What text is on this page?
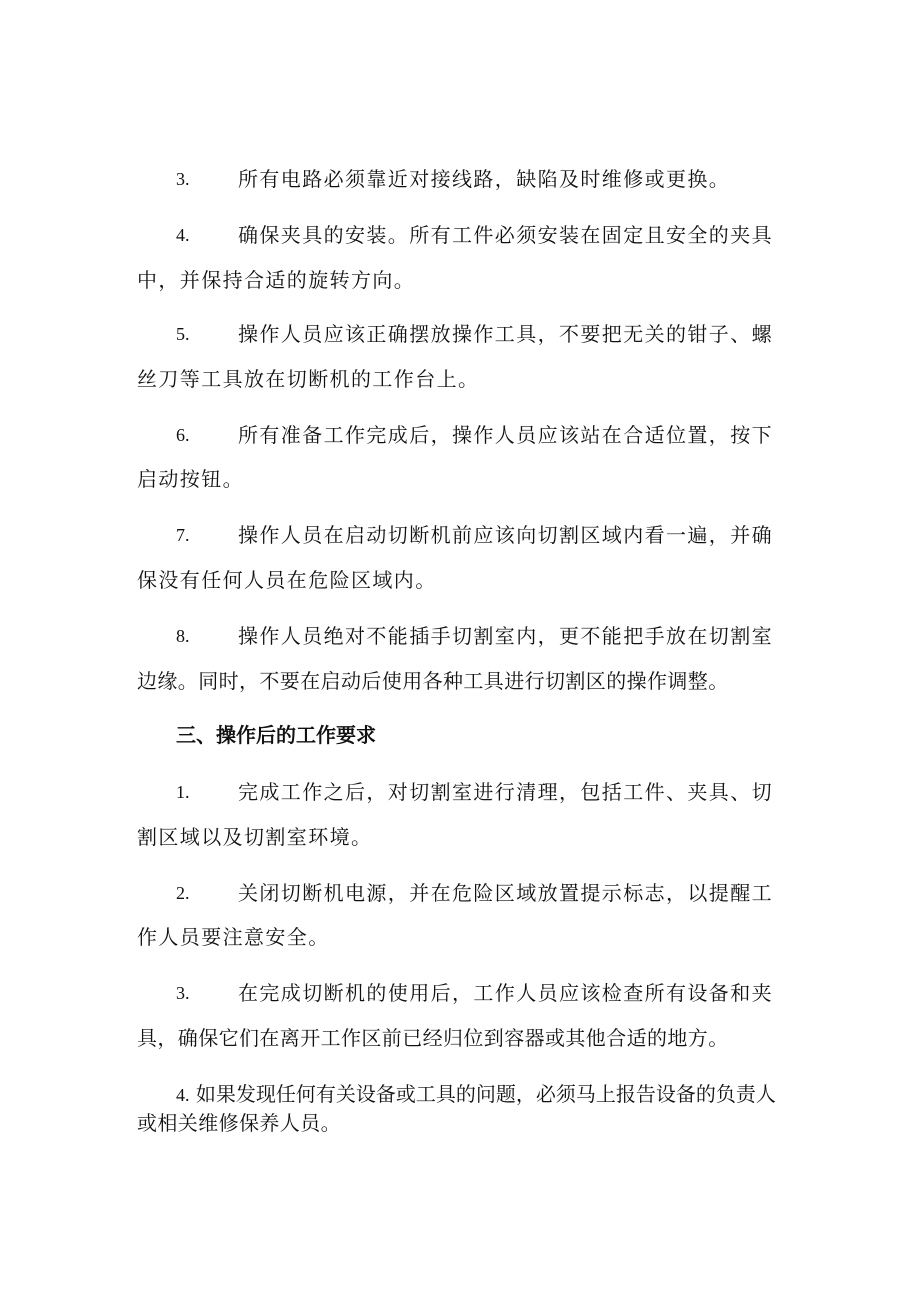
3. 所有电路必须靠近对接线路，缺陷及时维修或更换。
4. 确保夹具的安装。所有工件必须安装在固定且安全的夹具
中，并保持合适的旋转方向。
5. 操作人员应该正确摆放操作工具，不要把无关的钳子、螺
丝刀等工具放在切断机的工作台上。
6. 所有准备工作完成后，操作人员应该站在合适位置，按下
启动按钮。
7. 操作人员在启动切断机前应该向切割区域内看一遍，并确
保没有任何人员在危险区域内。
8. 操作人员绝对不能插手切割室内，更不能把手放在切割室
边缘。同时，不要在启动后使用各种工具进行切割区的操作调整。
三、操作后的工作要求
1. 完成工作之后，对切割室进行清理，包括工件、夹具、切
割区域以及切割室环境。
2. 关闭切断机电源，并在危险区域放置提示标志，以提醒工
作人员要注意安全。
3. 在完成切断机的使用后，工作人员应该检查所有设备和夹
具，确保它们在离开工作区前已经归位到容器或其他合适的地方。
4. 如果发现任何有关设备或工具的问题，必须马上报告设备的负责人
或相关维修保养人员。
